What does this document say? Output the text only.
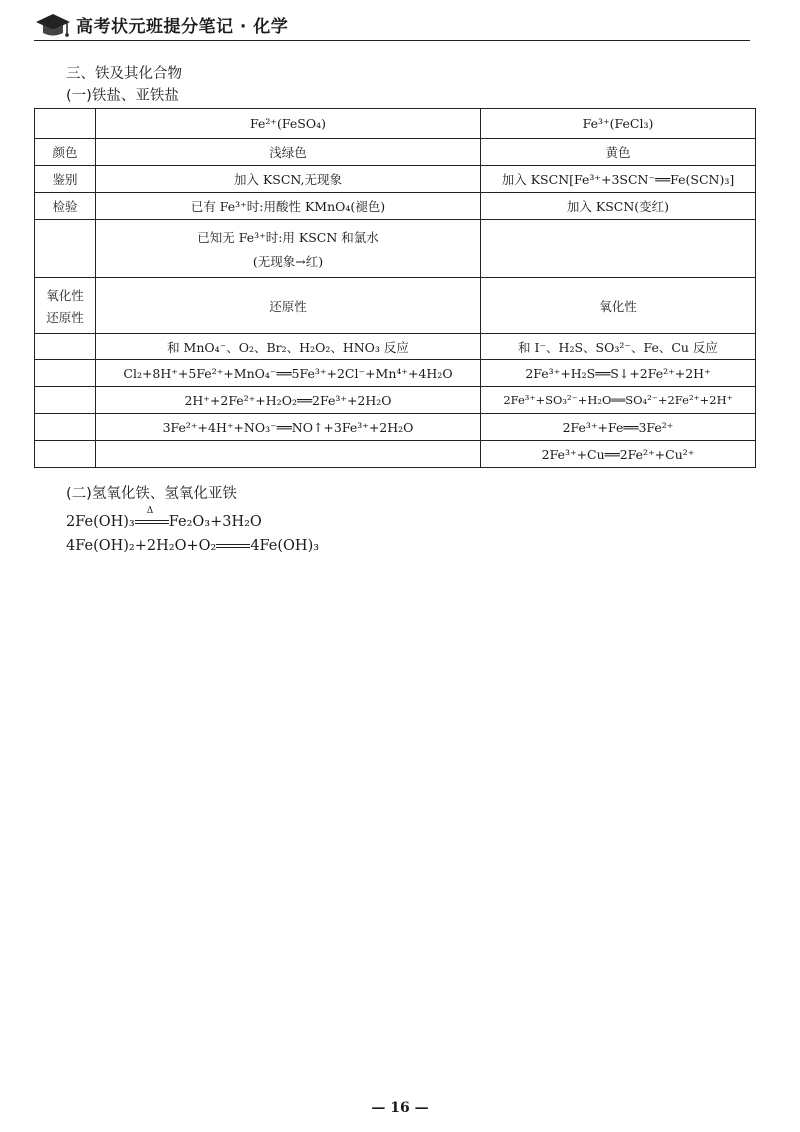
高考状元班提分笔记 · 化学
三、铁及其化合物
(一)铁盐、亚铁盐
	Fe²⁺(FeSO₄)	Fe³⁺(FeCl₃)
颜色	浅绿色	黄色
鉴别	加入 KSCN,无现象	加入 KSCN[Fe³⁺+3SCN⁻══Fe(SCN)₃]
检验	已有 Fe³⁺时:用酸性 KMnO₄(褪色)	加入 KSCN(变红)

	已知无 Fe³⁺时:用 KSCN 和氯水
(无现象→红)	

氧化性
还原性	还原性	氧化性
	和 MnO₄⁻、O₂、Br₂、H₂O₂、HNO₃ 反应	和 I⁻、H₂S、SO₃²⁻、Fe、Cu 反应
	Cl₂+8H⁺+5Fe²⁺+MnO₄⁻══5Fe³⁺+2Cl⁻+Mn⁴⁺+4H₂O	2Fe³⁺+H₂S══S↓+2Fe²⁺+2H⁺
	2H⁺+2Fe²⁺+H₂O₂══2Fe³⁺+2H₂O	2Fe³⁺+SO₃²⁻+H₂O══SO₄²⁻+2Fe²⁺+2H⁺
	3Fe²⁺+4H⁺+NO₃⁻══NO↑+3Fe³⁺+2H₂O	2Fe³⁺+Fe══3Fe²⁺
		2Fe³⁺+Cu══2Fe²⁺+Cu²⁺
(二)氢氧化铁、氢氧化亚铁
2Fe(OH)₃
Δ
Fe₂O₃+3H₂O
4Fe(OH)₂+2H₂O+O₂ 4Fe(OH)₃
— 16 —
